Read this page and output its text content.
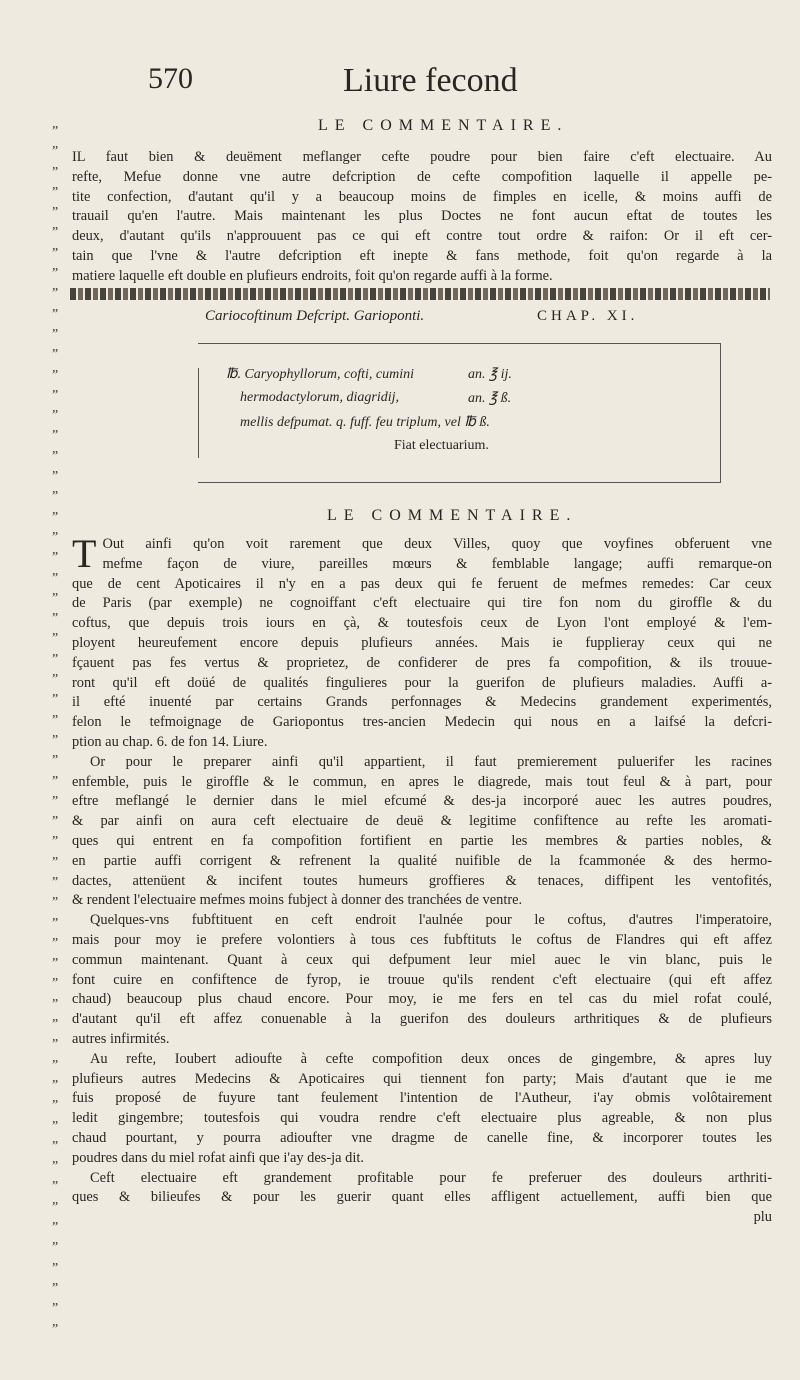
570	Liure fecond
LE COMMENTAIRE.
IL faut bien & deuëment meflanger cefte poudre pour bien faire c'eft electuaire. Au
refte, Mefue donne vne autre defcription de cefte compofition laquelle il appelle pe-
tite confection, d'autant qu'il y a beaucoup moins de fimples en icelle, & moins auffi de
trauail qu'en l'autre. Mais maintenant les plus Doctes ne font aucun eftat de toutes les
deux, d'autant qu'ils n'approuuent pas ce qui eft contre tout ordre & raifon: Or il eft cer-
tain que l'vne & l'autre defcription eft inepte & fans methode, foit qu'on regarde à la
matiere laquelle eft double en plufieurs endroits, foit qu'on regarde auffi à la forme.
Cariocoftinum Defcript. Garioponti.	CHAP. XI.
℔. Caryophyllorum, cofti, cumini	an. ℥ ij.
hermodactylorum, diagridij,	an. ℥ ß.
mellis defpumat. q. fuff. feu triplum, vel ℔ ß.
Fiat electuarium.
LE COMMENTAIRE.
T Out ainfi qu'on voit rarement que deux Villes, quoy que voyfines obferuent vne
mefme façon de viure, pareilles mœurs & femblable langage; auffi remarque-on
que de cent Apoticaires il n'y en a pas deux qui fe feruent de mefmes remedes: Car ceux
de Paris (par exemple) ne cognoiffant c'eft electuaire qui tire fon nom du giroffle & du
coftus, que depuis trois iours en çà, & toutesfois ceux de Lyon l'ont employé & l'em-
ployent heureufement encore depuis plufieurs années. Mais ie fupplieray ceux qui ne
fçauent pas fes vertus & proprietez, de confiderer de pres fa compofition, & ils trouue-
ront qu'il eft doüé de qualités fingulieres pour la guerifon de plufieurs maladies. Auffi a-
il efté inuenté par certains Grands perfonnages & Medecins grandement experimentés,
felon le tefmoignage de Gariopontus tres-ancien Medecin qui nous en a laifsé la defcri-
ption au chap. 6. de fon 14. Liure.
Or pour le preparer ainfi qu'il appartient, il faut premierement puluerifer les racines
enfemble, puis le giroffle & le commun, en apres le diagrede, mais tout feul & à part, pour
eftre meflangé le dernier dans le miel efcumé & des-ja incorporé auec les autres poudres,
& par ainfi on aura ceft electuaire de deuë & legitime confiftence au refte les aromati-
ques qui entrent en fa compofition fortifient en partie les membres & parties nobles, &
en partie auffi corrigent & refrenent la qualité nuifible de la fcammonée & des hermo-
dactes, attenüent & incifent toutes humeurs groffieres & tenaces, diffipent les ventofités,
& rendent l'electuaire mefmes moins fubject à donner des tranchées de ventre.
Quelques-vns fubftituent en ceft endroit l'aulnée pour le coftus, d'autres l'imperatoire,
mais pour moy ie prefere volontiers à tous ces fubftituts le coftus de Flandres qui eft affez
commun maintenant. Quant à ceux qui defpument leur miel auec le vin blanc, puis le
font cuire en confiftence de fyrop, ie trouue qu'ils rendent c'eft electuaire (qui eft affez
chaud) beaucoup plus chaud encore. Pour moy, ie me fers en tel cas du miel rofat coulé,
d'autant qu'il eft affez conuenable à la guerifon des douleurs arthritiques & de plufieurs
autres infirmités.
Au refte, Ioubert adioufte à cefte compofition deux onces de gingembre, & apres luy
plufieurs autres Medecins & Apoticaires qui tiennent fon party; Mais d'autant que ie me
fuis proposé de fuyure tant feulement l'intention de l'Autheur, i'ay obmis volôtairement
ledit gingembre; toutesfois qui voudra rendre c'eft electuaire plus agreable, & non plus
chaud pourtant, y pourra adioufter vne dragme de canelle fine, & incorporer toutes les
poudres dans du miel rofat ainfi que i'ay des-ja dit.
Ceft electuaire eft grandement profitable pour fe preferuer des douleurs arthriti-
ques & bilieufes & pour les guerir quant elles affligent actuellement, auffi bien que
plu
”
”
”
”
”
”
”
”
”
”
”
”
”
”
”
”
”
”
”
”
”
”
”
”
”
”
”
”
”
”
”
”
”
”
”
”
”
”
”
”
”
”
”
”
”
”
”
”
”
”
”
”
”
”
”
”
”
”
”
”
